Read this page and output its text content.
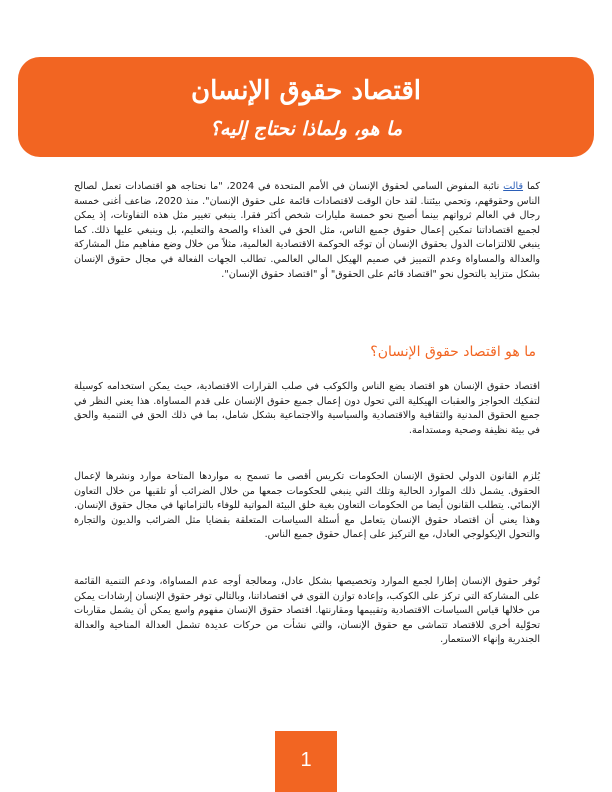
اقتصاد حقوق الإنسان
ما هو، ولماذا نحتاج إليه؟
كما قالت نائبة المفوض السامي لحقوق الإنسان في الأمم المتحدة في 2024، "ما نحتاجه هو اقتصادات تعمل لصالح الناس وحقوقهم، وتحمي بيئتنا. لقد حان الوقت لاقتصادات قائمة على حقوق الإنسان". منذ 2020، ضاعف أغنى خمسة رجال في العالم ثرواتهم بينما أصبح نحو خمسة مليارات شخص أكثر فقرا. ينبغي تغيير مثل هذه التفاوتات، إذ يمكن لجميع اقتصاداتنا تمكين إعمال حقوق جميع الناس، مثل الحق في الغذاء والصحة والتعليم، بل وينبغي عليها ذلك. كما ينبغي للالتزامات الدول بحقوق الإنسان أن توجّه الحوكمة الاقتصادية العالمية، مثلاً من خلال وضع مفاهيم مثل المشاركة والعدالة والمساواة وعدم التمييز في صميم الهيكل المالي العالمي. تطالب الجهات الفعالة في مجال حقوق الإنسان بشكل متزايد بالتحول نحو "اقتصاد قائم على الحقوق" أو "اقتصاد حقوق الإنسان".
ما هو اقتصاد حقوق الإنسان؟
اقتصاد حقوق الإنسان هو اقتصاد يضع الناس والكوكب في صلب القرارات الاقتصادية، حيث يمكن استخدامه كوسيلة لتفكيك الحواجز والعقبات الهيكلية التي تحول دون إعمال جميع حقوق الإنسان على قدم المساواة. هذا يعني النظر في جميع الحقوق المدنية والثقافية والاقتصادية والسياسية والاجتماعية بشكل شامل، بما في ذلك الحق في التنمية والحق في بيئة نظيفة وصحية ومستدامة.
يُلزم القانون الدولي لحقوق الإنسان الحكومات تكريس أقصى ما تسمح به مواردها المتاحة موارد ونشرها لإعمال الحقوق. يشمل ذلك الموارد الحالية وتلك التي ينبغي للحكومات جمعها من خلال الضرائب أو تلقيها من خلال التعاون الإنمائي. يتطلب القانون أيضا من الحكومات التعاون بغية خلق البيئة المواتية للوفاء بالتزاماتها في مجال حقوق الإنسان. وهذا يعني أن اقتصاد حقوق الإنسان يتعامل مع أسئلة السياسات المتعلقة بقضايا مثل الضرائب والديون والتجارة والتحول الإيكولوجي العادل، مع التركيز على إعمال حقوق جميع الناس.
تُوفر حقوق الإنسان إطارا لجمع الموارد وتخصيصها بشكل عادل، ومعالجة أوجه عدم المساواة، ودعم التنمية القائمة على المشاركة التي تركز على الكوكب، وإعادة توازن القوى في اقتصاداتنا، وبالتالي توفر حقوق الإنسان إرشادات يمكن من خلالها قياس السياسات الاقتصادية وتقييمها ومقارنتها. اقتصاد حقوق الإنسان مفهوم واسع يمكن أن يشمل مقاربات تحوّلية أخرى للاقتصاد تتماشى مع حقوق الإنسان، والتي نشأت من حركات عديدة تشمل العدالة المناخية والعدالة الجندرية وإنهاء الاستعمار.
1
